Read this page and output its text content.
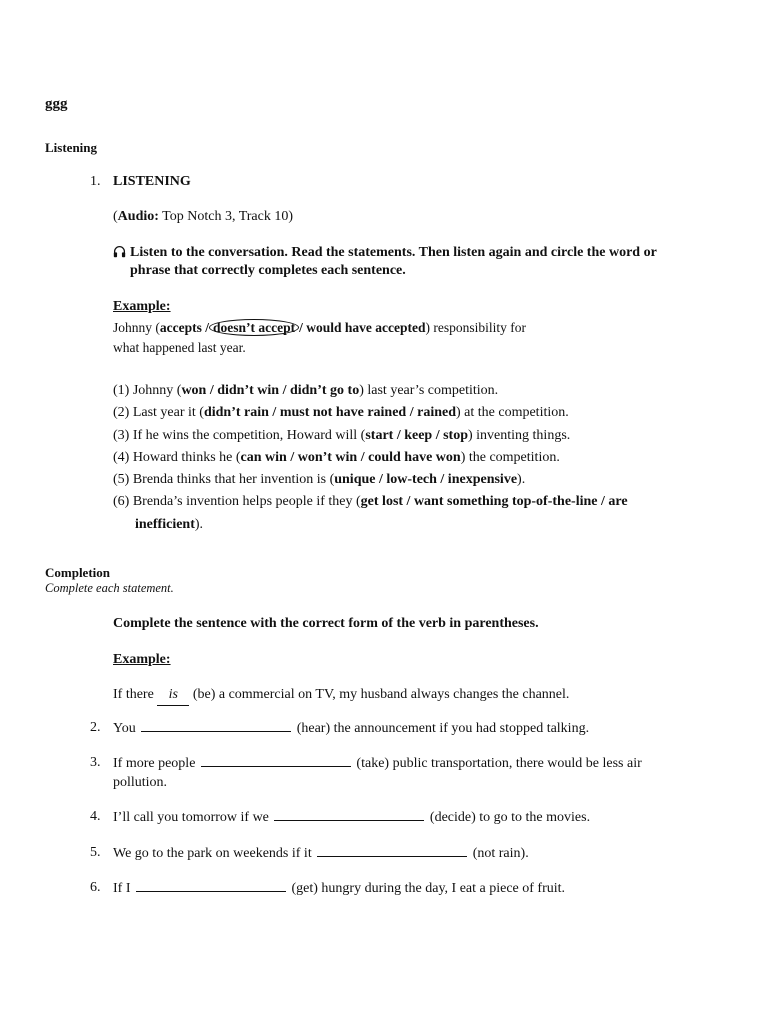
ggg
Listening
1. LISTENING
(Audio: Top Notch 3, Track 10)
Listen to the conversation. Read the statements. Then listen again and circle the word or
phrase that correctly completes each sentence.
Example:
Johnny (accepts / doesn’t accept / would have accepted) responsibility for
what happened last year.
(1) Johnny (won / didn’t win / didn’t go to) last year’s competition.
(2) Last year it (didn’t rain / must not have rained / rained) at the competition.
(3) If he wins the competition, Howard will (start / keep / stop) inventing things.
(4) Howard thinks he (can win / won’t win / could have won) the competition.
(5) Brenda thinks that her invention is (unique / low-tech / inexpensive).
(6) Brenda’s invention helps people if they (get lost / want something top-of-the-line / are
inefficient).
Completion
Complete each statement.
Complete the sentence with the correct form of the verb in parentheses.
Example:
If there is (be) a commercial on TV, my husband always changes the channel.
2. You	(hear) the announcement if you had stopped talking.
3. If more people	(take) public transportation, there would be less air
pollution.
4. I’ll call you tomorrow if we	(decide) to go to the movies.
5. We go to the park on weekends if it	(not rain).
6. If I	(get) hungry during the day, I eat a piece of fruit.
